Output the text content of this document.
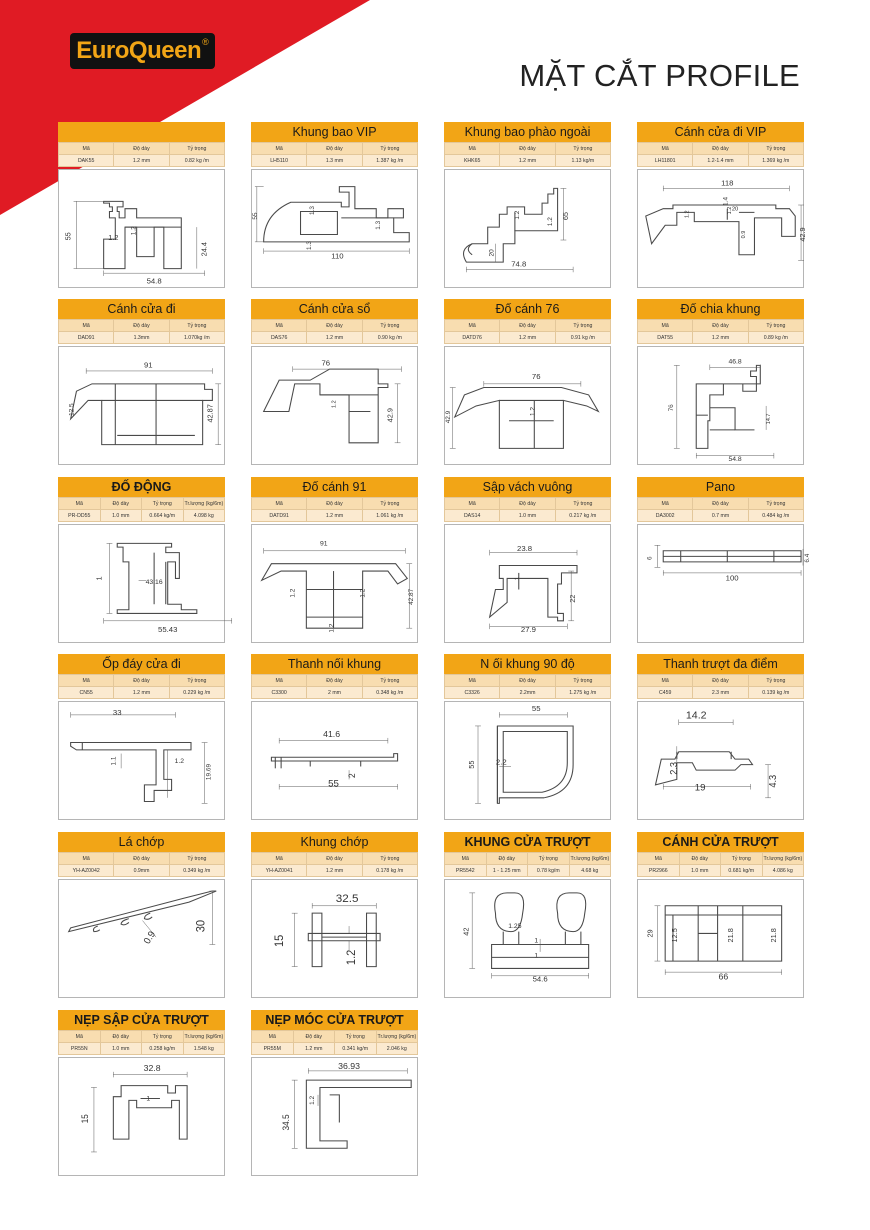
EuroQueen ®
MẶT CẮT PROFILE
Mã	Độ dày	Tỷ trọng
DAK55	1.2 mm	0.82 kg /m
55	1.2
1.2
24.4
54.8
Khung bao VIP
Mã	Độ dày	Tỷ trọng
LH5110	1.3 mm	1.387 kg /m
55
1.3
1.3
1.3
110
Khung bao phào ngoài
Mã	Độ dày	Tỷ trọng
KHK65	1.2 mm	1.13 kg/m
1.2	65
1.2
20
74.8
Cánh cửa đi VIP
Mã	Độ dày	Tỷ trọng
LH11801	1.2-1.4 mm	1.369 kg /m
118
1.4
20
1.2
1.2
0.9	42.9
Cánh cửa đi
Mã	Độ dày	Tỷ trọng
DAD91	1.3mm	1.070kg /m
91
12.5	42.87
Cánh cửa sổ
Mã	Độ dày	Tỷ trọng
DAS76	1.2 mm	0.90 kg /m
76
1.2
42.9
Đố cánh 76
Mã	Độ dày	Tỷ trọng
DATD76	1.2 mm	0.91 kg /m
76
1.2
42.9
Đố chia khung
Mã	Độ dày	Tỷ trọng
DAT55	1.2 mm	0.89 kg /m
46.8
76
14.7
54.8
ĐỐ ĐỘNG
Mã	Độ dày	Tỷ trọng	Tr.lượng (kg/6m)
PR-DD55	1.0 mm	0.664 kg/m	4.098 kg
1
43.16
55.43
Đố cánh 91
Mã	Độ dày	Tỷ trọng
DATD91	1.2 mm	1.061 kg /m
91
1.2	1.2	42.87
1.2
Sập vách vuông
Mã	Độ dày	Tỷ trọng
DAS14	1.0 mm	0.217 kg /m
23.8
1
22
27.9
Pano
Mã	Độ dày	Tỷ trọng
DA3002	0.7 mm	0.484 kg /m
6
100
6.4
Ốp đáy cửa đi
Mã	Độ dày	Tỷ trọng
CN55	1.2 mm	0.229 kg /m
33
1.1	1.2
19.69
Thanh nối khung
Mã	Độ dày	Tỷ trọng
C3300	2 mm	0.348 kg /m
41.6
2
55
N ối khung 90 độ
Mã	Độ dày	Tỷ trọng
C3326	2.2mm	1.275 kg /m
55
55 2.2
Thanh trượt đa điểm
Mã	Độ dày	Tỷ trọng
C459	2.3 mm	0.139 kg /m
14.2
2.3
19
4.3
Lá chớp
Mã	Độ dày	Tỷ trọng
YH-AZ0042	0.9mm	0.349 kg /m
0.9
30
Khung chớp
Mã	Độ dày	Tỷ trọng
YH-AZ0041	1.2 mm	0.178 kg /m
32.5
15
1.2
KHUNG CỬA TRƯỢT
Mã	Độ dày	Tỷ trọng	Tr.lượng (kg/6m)
PR5542	1 - 1.25 mm	0.78 kg/m	4.68 kg
42
1.25
1
1
54.6
CÁNH CỬA TRƯỢT
Mã	Độ dày	Tỷ trọng	Tr.lượng (kg/6m)
PR2966	1.0 mm	0.681 kg/m	4.086 kg
29 12.5	21.8	21.8
66
NẸP SẬP CỬA TRƯỢT
Mã	Độ dày	Tỷ trọng	Tr.lượng (kg/6m)
PR55N	1.0 mm	0.258 kg/m	1.548 kg
32.8
1
15
NẸP MÓC CỬA TRƯỢT
Mã	Độ dày	Tỷ trọng	Tr.lượng (kg/6m)
PR55M	1.2 mm	0.341 kg/m	2.046 kg
36.93
1.2
34.5
